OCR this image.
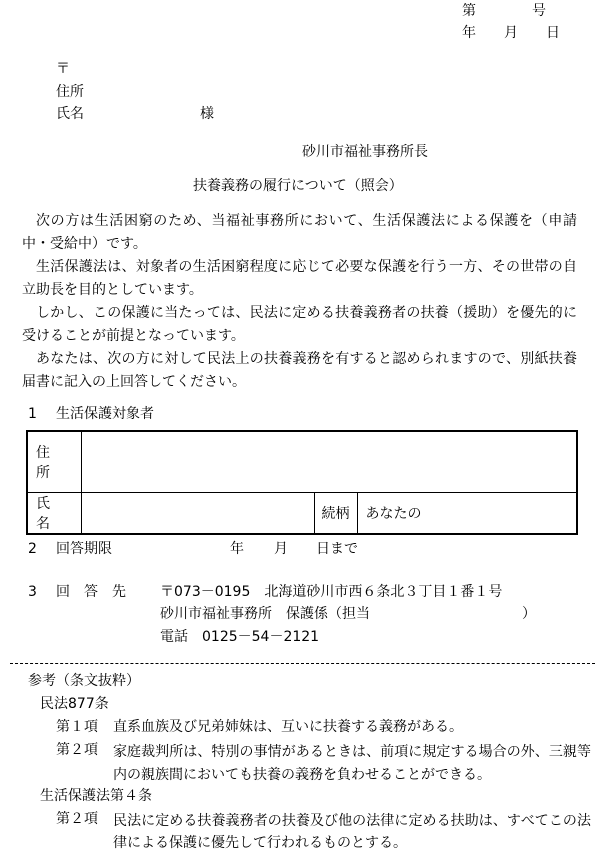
第　　　　号
年　　月　　日
〒
住所
氏名	様
砂川市福祉事務所長
扶養義務の履行について（照会）
次の方は生活困窮のため、当福祉事務所において、生活保護法による保護を（申請中・受給中）です。
生活保護法は、対象者の生活困窮程度に応じて必要な保護を行う一方、その世帯の自立助長を目的としています。
しかし、この保護に当たっては、民法に定める扶養義務者の扶養（援助）を優先的に受けることが前提となっています。
あなたは、次の方に対して民法上の扶養義務を有すると認められますので、別紙扶養届書に記入の上回答してください。
1 生活保護対象者
住　所			

氏　名		続柄	あなたの
2 回答期限	年 月 日まで
3 回　答　先 〒073－0195　北海道砂川市西６条北３丁目１番１号
砂川市福祉事務所　保護係（担当	）
電話　0125－54－2121
参考（条文抜粋）
民法877条
第１項 直系血族及び兄弟姉妹は、互いに扶養する義務がある。
第２項 家庭裁判所は、特別の事情があるときは、前項に規定する場合の外、三親等内の親族間においても扶養の義務を負わせることができる。
生活保護法第４条
第２項 民法に定める扶養義務者の扶養及び他の法律に定める扶助は、すべてこの法律による保護に優先して行われるものとする。
